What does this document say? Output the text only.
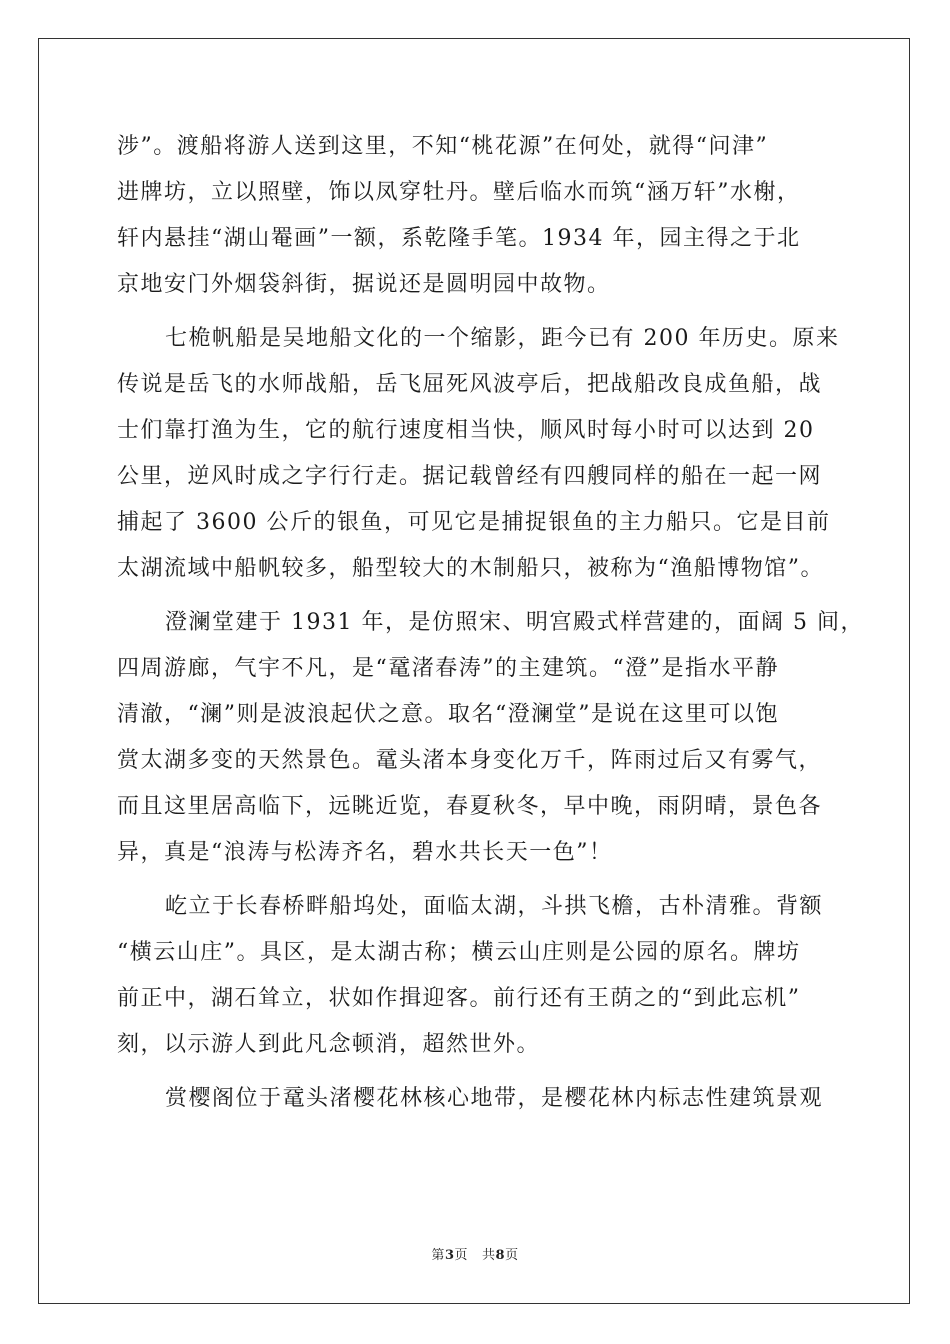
涉”。渡船将游人送到这里，不知“桃花源”在何处，就得“问津”
进牌坊，立以照壁，饰以凤穿牡丹。壁后临水而筑“涵万轩”水榭，
轩内悬挂“湖山罨画”一额，系乾隆手笔。1934 年，园主得之于北
京地安门外烟袋斜街，据说还是圆明园中故物。

七桅帆船是吴地船文化的一个缩影，距今已有 200 年历史。原来
传说是岳飞的水师战船，岳飞屈死风波亭后，把战船改良成鱼船，战
士们靠打渔为生，它的航行速度相当快，顺风时每小时可以达到 20
公里，逆风时成之字行行走。据记载曾经有四艘同样的船在一起一网
捕起了 3600 公斤的银鱼，可见它是捕捉银鱼的主力船只。它是目前
太湖流域中船帆较多，船型较大的木制船只，被称为“渔船博物馆”。

澄澜堂建于 1931 年，是仿照宋、明宫殿式样营建的，面阔 5 间，
四周游廊，气宇不凡，是“鼋渚春涛”的主建筑。“澄”是指水平静
清澈，“澜”则是波浪起伏之意。取名“澄澜堂”是说在这里可以饱
赏太湖多变的天然景色。鼋头渚本身变化万千，阵雨过后又有雾气，
而且这里居高临下，远眺近览，春夏秋冬，早中晚，雨阴晴，景色各
异，真是“浪涛与松涛齐名，碧水共长天一色”！

屹立于长春桥畔船坞处，面临太湖，斗拱飞檐，古朴清雅。背额
“横云山庄”。具区，是太湖古称；横云山庄则是公园的原名。牌坊
前正中，湖石耸立，状如作揖迎客。前行还有王荫之的“到此忘机”
刻，以示游人到此凡念顿消，超然世外。

赏樱阁位于鼋头渚樱花林核心地带，是樱花林内标志性建筑景观

第3页 共8页
